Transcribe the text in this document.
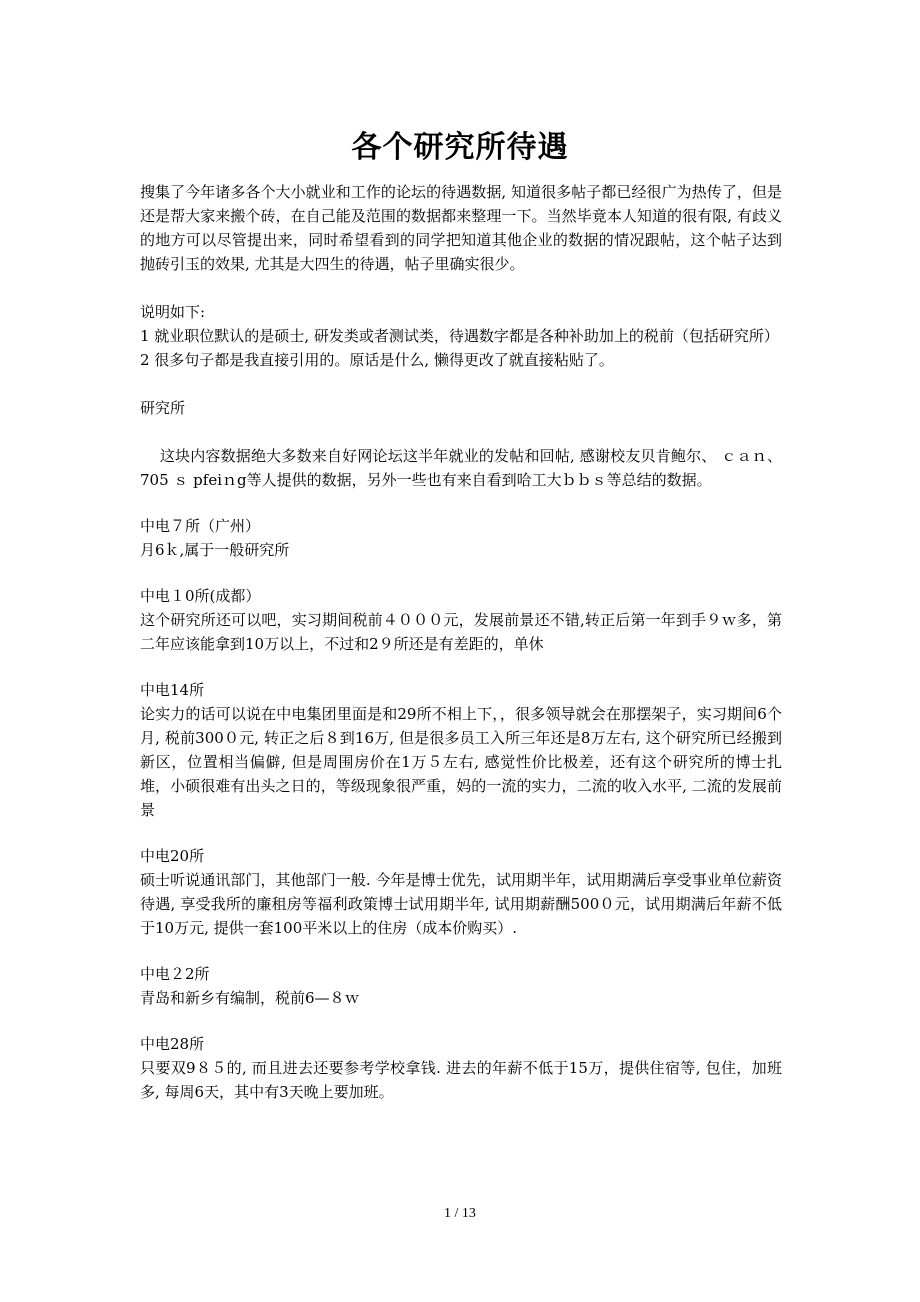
各个研究所待遇

搜集了今年诸多各个大小就业和工作的论坛的待遇数据, 知道很多帖子都已经很广为热传了，但是还是帮大家来搬个砖，在自己能及范围的数据都来整理一下。当然毕竟本人知道的很有限, 有歧义的地方可以尽管提出来，同时希望看到的同学把知道其他企业的数据的情况跟帖，这个帖子达到抛砖引玉的效果, 尤其是大四生的待遇，帖子里确实很少。

说明如下:

1 就业职位默认的是硕士, 研发类或者测试类，待遇数字都是各种补助加上的税前（包括研究所）

2 很多句子都是我直接引用的。原话是什么, 懒得更改了就直接粘贴了。

研究所

这块内容数据绝大多数来自好网论坛这半年就业的发帖和回帖, 感谢校友贝肯鲍尔、 ｃａｎ、705 ｓ pfeiｎg等人提供的数据，另外一些也有来自看到哈工大ｂｂｓ等总结的数据。

中电７所（广州）

月6ｋ,属于一般研究所

中电１0所(成都）

这个研究所还可以吧，实习期间税前４０００元，发展前景还不错,转正后第一年到手９ｗ多，第二年应该能拿到10万以上，不过和2９所还是有差距的，单休

中电14所

论实力的话可以说在中电集团里面是和29所不相上下，，很多领导就会在那摆架子，实习期间6个月, 税前300０元, 转正之后８到16万, 但是很多员工入所三年还是8万左右, 这个研究所已经搬到新区，位置相当偏僻, 但是周围房价在1万５左右, 感觉性价比极差，还有这个研究所的博士扎堆，小硕很难有出头之日的，等级现象很严重，妈的一流的实力，二流的收入水平, 二流的发展前景

中电20所

硕士听说通讯部门，其他部门一般. 今年是博士优先，试用期半年，试用期满后享受事业单位薪资待遇, 享受我所的廉租房等福利政策博士试用期半年, 试用期薪酬500０元，试用期满后年薪不低于10万元, 提供一套100平米以上的住房（成本价购买）.

中电２2所

青岛和新乡有编制，税前6—８ｗ

中电28所

只要双9８５的, 而且进去还要参考学校拿钱. 进去的年薪不低于15万，提供住宿等, 包住，加班多, 每周6天，其中有3天晚上要加班。

1 / 13
